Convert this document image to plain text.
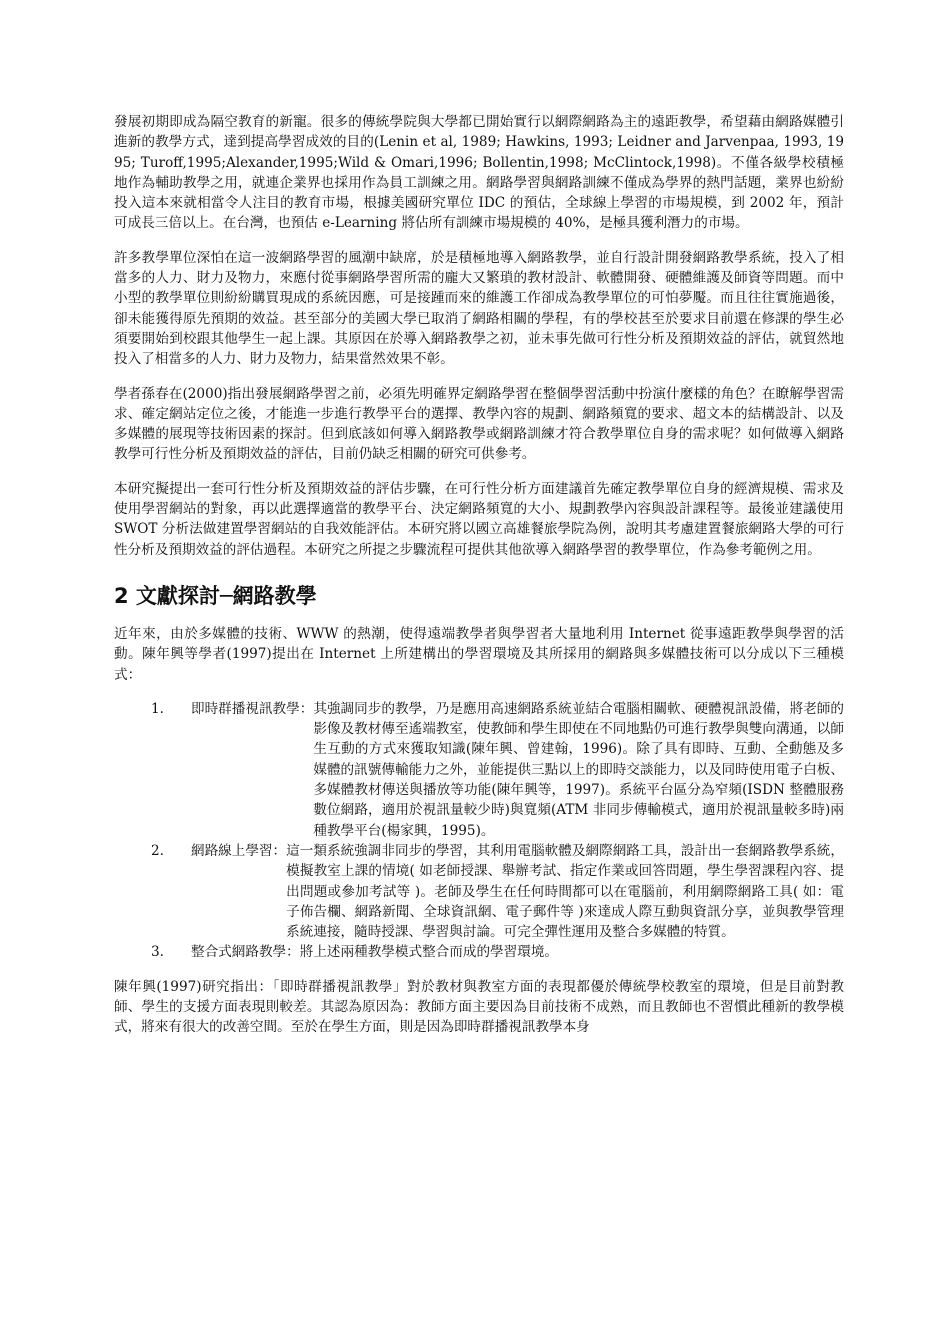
發展初期即成為隔空教育的新寵。很多的傳統學院與大學都已開始實行以網際網路為主的遠距教學，希望藉由網路媒體引進新的教學方式，達到提高學習成效的目的(Lenin et al, 1989; Hawkins, 1993; Leidner and Jarvenpaa, 1993, 1995; Turoff,1995;Alexander,1995;Wild & Omari,1996; Bollentin,1998; McClintock,1998)。不僅各級學校積極地作為輔助教學之用，就連企業界也採用作為員工訓練之用。網路學習與網路訓練不僅成為學界的熱門話題，業界也紛紛投入這本來就相當令人注目的教育市場，根據美國研究單位 IDC 的預估，全球線上學習的市場規模，到 2002 年，預計可成長三倍以上。在台灣，也預估 e-Learning 將佔所有訓練市場規模的 40%，是極具獲利潛力的市場。

許多教學單位深怕在這一波網路學習的風潮中缺席，於是積極地導入網路教學，並自行設計開發網路教學系統，投入了相當多的人力、財力及物力，來應付從事網路學習所需的龐大又繁瑣的教材設計、軟體開發、硬體維護及師資等問題。而中小型的教學單位則紛紛購買現成的系統因應，可是接踵而來的維護工作卻成為教學單位的可怕夢魘。而且往往實施過後，卻未能獲得原先預期的效益。甚至部分的美國大學已取消了網路相關的學程，有的學校甚至於要求目前還在修課的學生必須要開始到校跟其他學生一起上課。其原因在於導入網路教學之初，並未事先做可行性分析及預期效益的評估，就貿然地投入了相當多的人力、財力及物力，結果當然效果不彰。

學者孫春在(2000)指出發展網路學習之前，必須先明確界定網路學習在整個學習活動中扮演什麼樣的角色？在瞭解學習需求、確定網站定位之後，才能進一步進行教學平台的選擇、教學內容的規劃、網路頻寬的要求、超文本的結構設計、以及多媒體的展現等技術因素的探討。但到底該如何導入網路教學或網路訓練才符合教學單位自身的需求呢？如何做導入網路教學可行性分析及預期效益的評估，目前仍缺乏相關的研究可供參考。

本研究擬提出一套可行性分析及預期效益的評估步驟，在可行性分析方面建議首先確定教學單位自身的經濟規模、需求及使用學習網站的對象，再以此選擇適當的教學平台、決定網路頻寬的大小、規劃教學內容與設計課程等。最後並建議使用 SWOT 分析法做建置學習網站的自我效能評估。本研究將以國立高雄餐旅學院為例，說明其考慮建置餐旅網路大學的可行性分析及預期效益的評估過程。本研究之所提之步驟流程可提供其他欲導入網路學習的教學單位，作為參考範例之用。

2 文獻探討─網路教學

近年來，由於多媒體的技術、WWW 的熱潮，使得遠端教學者與學習者大量地利用 Internet 從事遠距教學與學習的活動。陳年興等學者(1997)提出在 Internet 上所建構出的學習環境及其所採用的網路與多媒體技術可以分成以下三種模式：

1.	即時群播視訊教學： 其強調同步的教學，乃是應用高速網路系統並結合電腦相關軟、硬體視訊設備，將老師的影像及教材傳至遙端教室，使教師和學生即使在不同地點仍可進行教學與雙向溝通，以師生互動的方式來獲取知識(陳年興、曾建翰，1996)。除了具有即時、互動、全動態及多媒體的訊號傳輸能力之外，並能提供三點以上的即時交談能力，以及同時使用電子白板、多媒體教材傳送與播放等功能(陳年興等，1997)。系統平台區分為窄頻(ISDN 整體服務數位網路，適用於視訊量較少時)與寬頻(ATM 非同步傳輸模式，適用於視訊量較多時)兩種教學平台(楊家興，1995)。
2.	網路線上學習： 這一類系統強調非同步的學習，其利用電腦軟體及網際網路工具，設計出一套網路教學系統，模擬教室上課的情境( 如老師授課、舉辦考試、指定作業或回答問題，學生學習課程內容、提出問題或參加考試等 )。老師及學生在任何時間都可以在電腦前，利用網際網路工具( 如：電子佈告欄、網路新聞、全球資訊網、電子郵件等 )來達成人際互動與資訊分享，並與教學管理系統連接，隨時授課、學習與討論。可完全彈性運用及整合多媒體的特質。
3.	整合式網路教學： 將上述兩種教學模式整合而成的學習環境。

陳年興(1997)研究指出：「即時群播視訊教學」對於教材與教室方面的表現都優於傳統學校教室的環境，但是目前對教師、學生的支援方面表現則較差。其認為原因為：教師方面主要因為目前技術不成熟，而且教師也不習慣此種新的教學模式，將來有很大的改善空間。至於在學生方面，則是因為即時群播視訊教學本身
